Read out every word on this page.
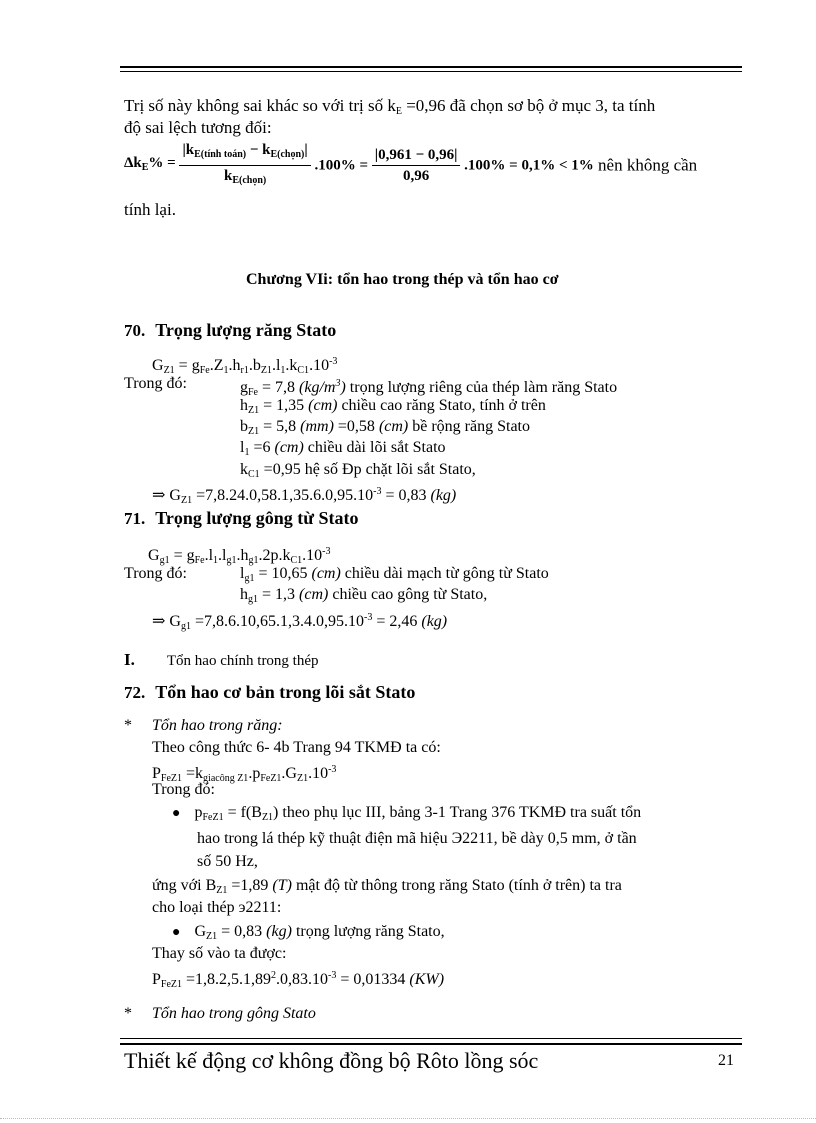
Trị số này không sai khác so với trị số $k_E =0,96$ đã chọn sơ bộ ở mục 3, ta tính
độ sai lệch tương đối:
$\Delta k_E\% = \frac{|k_{E(tính toán)} - k_{E(chọn)}|}{k_{E(chọn)}} .100\% = \frac{|0,961 - 0,96|}{0,96} .100\% = 0,1\% < 1\%$ nên không cần
tính lại.
Chương VIi: tổn hao trong thép và tổn hao cơ
70. Trọng lượng răng Stato
$G_{Z1} = g_{Fe}.Z_1.h_{r1}.b_{Z1}.l_1.k_{C1}.10^{-3}$
Trong đó:	$g_{Fe} = 7,8$ $(kg/m^3)$ trọng lượng riêng của thép làm răng Stato
$h_{Z1} = 1,35$ (cm) chiều cao răng Stato, tính ở trên
$b_{Z1} = 5,8$ (mm) =0,58 (cm) bề rộng răng Stato
$l_1 =6$ (cm) chiều dài lõi sắt Stato
$k_{C1} =0,95$ hệ số Đp chặt lõi sắt Stato,
⇒ $G_{Z1} =7,8.24.0,58.1,35.6.0,95.10^{-3} = 0,83$ (kg)
71. Trọng lượng gông từ Stato
$G_{g1} = g_{Fe}.l_1.l_{g1}.h_{g1}.2p.k_{C1}.10^{-3}$
Trong đó:	$l_{g1} = 10,65$ (cm) chiều dài mạch từ gông từ Stato
$h_{g1} = 1,3$ (cm) chiều cao gông từ Stato,
⇒ $G_{g1} =7,8.6.10,65.1,3.4.0,95.10^{-3} = 2,46$ (kg)
I. Tổn hao chính trong thép
72. Tổn hao cơ bản trong lõi sắt Stato
* Tổn hao trong răng:
Theo công thức 6- 4b Trang 94 TKMĐ ta có:
$P_{FeZ1} =k_{giacông Z1}.p_{FeZ1}.G_{Z1}.10^{-3}$
Trong đó:
● $p_{FeZ1} = f(B_{Z1})$ theo phụ lục III, bảng 3-1 Trang 376 TKMĐ tra suất tổn
hao trong lá thép kỹ thuật điện mã hiệu Э2211, bề dày 0,5 mm, ở tần
số 50 Hz,
ứng với $B_{Z1} =1,89$ (T) mật độ từ thông trong răng Stato (tính ở trên) ta tra
cho loại thép э2211:
● $G_{Z1} = 0,83$ (kg) trọng lượng răng Stato,
Thay số vào ta được:
$P_{FeZ1} =1,8.2,5.1,89^2.0,83.10^{-3} = 0,01334$ (KW)
* Tổn hao trong gông Stato
Thiết kế động cơ không đồng bộ Rôto lồng sóc	21
